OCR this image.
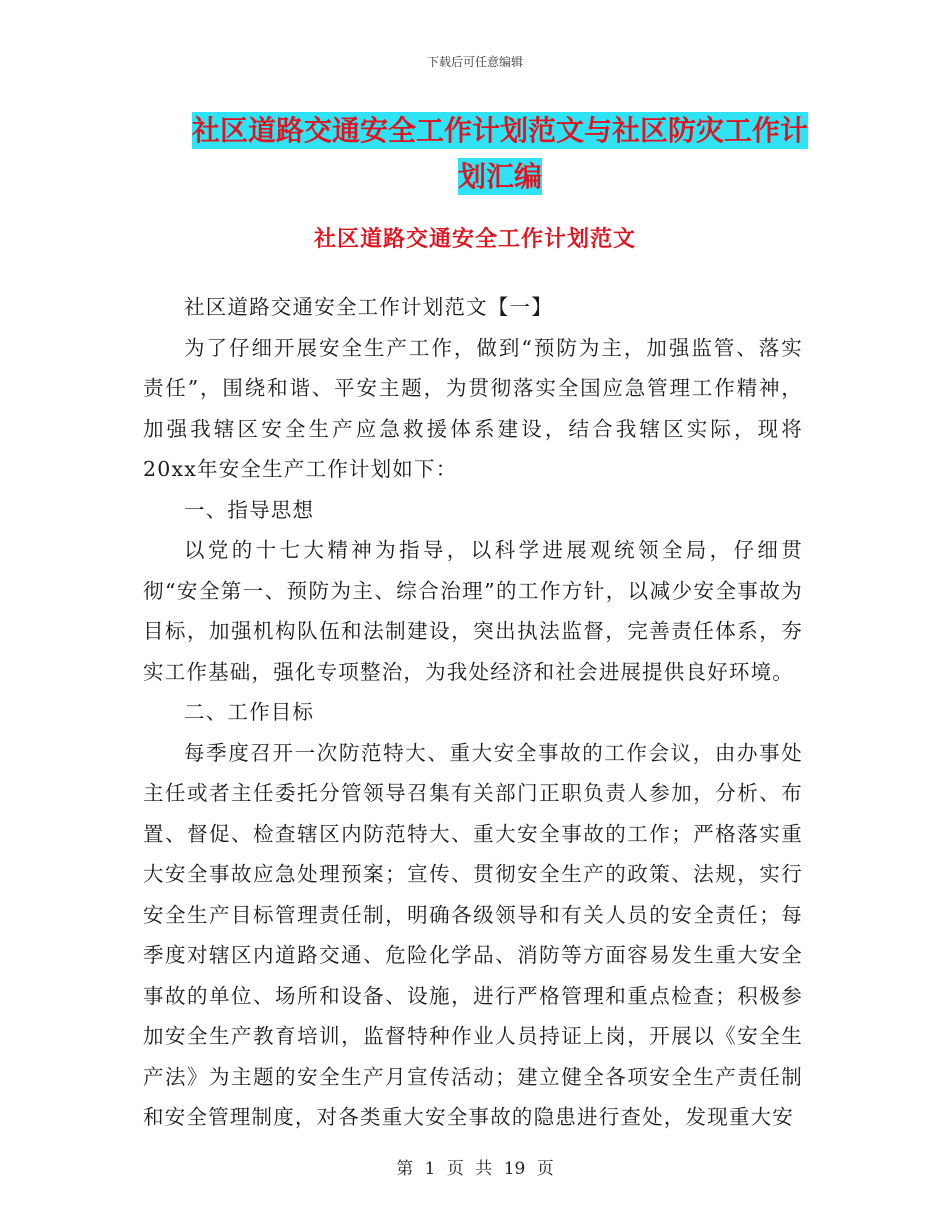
下载后可任意编辑
社区道路交通安全工作计划范文与社区防灾工作计划汇编
社区道路交通安全工作计划范文

社区道路交通安全工作计划范文【一】

为了仔细开展安全生产工作，做到“预防为主，加强监管、落实责任”，围绕和谐、平安主题，为贯彻落实全国应急管理工作精神，加强我辖区安全生产应急救援体系建设，结合我辖区实际，现将20xx年安全生产工作计划如下：

一、指导思想

以党的十七大精神为指导，以科学进展观统领全局，仔细贯彻“安全第一、预防为主、综合治理”的工作方针，以减少安全事故为目标，加强机构队伍和法制建设，突出执法监督，完善责任体系，夯实工作基础，强化专项整治，为我处经济和社会进展提供良好环境。

二、工作目标

每季度召开一次防范特大、重大安全事故的工作会议，由办事处主任或者主任委托分管领导召集有关部门正职负责人参加，分析、布置、督促、检查辖区内防范特大、重大安全事故的工作；严格落实重大安全事故应急处理预案；宣传、贯彻安全生产的政策、法规，实行安全生产目标管理责任制，明确各级领导和有关人员的安全责任；每季度对辖区内道路交通、危险化学品、消防等方面容易发生重大安全事故的单位、场所和设备、设施，进行严格管理和重点检查；积极参加安全生产教育培训，监督特种作业人员持证上岗，开展以《安全生产法》为主题的安全生产月宣传活动；建立健全各项安全生产责任制和安全管理制度，对各类重大安全事故的隐患进行查处，发现重大安

第 1 页 共 19 页
